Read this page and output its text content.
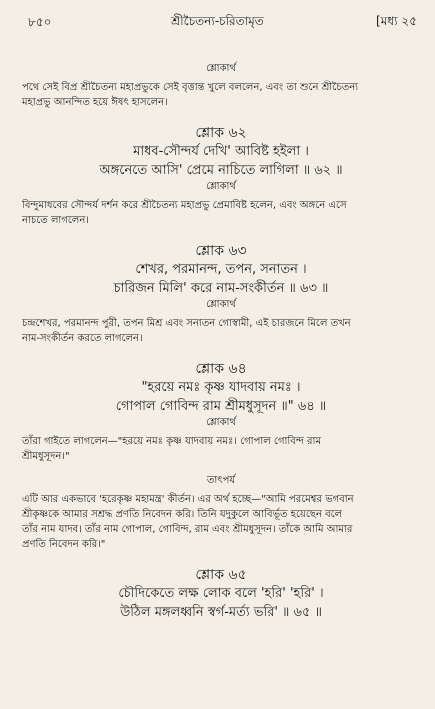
৮৫০	শ্রীচৈতন্য-চরিতামৃত	[মধ্য ২৫

শ্লোকার্থ

পথে সেই বিপ্র শ্রীচৈতন্য মহাপ্রভুকে সেই বৃত্তান্ত খুলে বললেন, এবং তা শুনে শ্রীচৈতন্য
মহাপ্রভু আনন্দিত হয়ে ঈষৎ হাসলেন।

শ্লোক ৬২

মাধব-সৌন্দর্য দেখি' আবিষ্ট হইলা ।
অঙ্গনেতে আসি' প্রেমে নাচিতে লাগিলা ॥ ৬২ ॥

শ্লোকার্থ

বিন্দুমাধবের সৌন্দর্য দর্শন করে শ্রীচৈতন্য মহাপ্রভু প্রেমাবিষ্ট হলেন, এবং অঙ্গনে এসে
নাচতে লাগলেন।

শ্লোক ৬৩

শেখর, পরমানন্দ, তপন, সনাতন ।
চারিজন মিলি' করে নাম-সংকীর্তন ॥ ৬৩ ॥

শ্লোকার্থ

চন্দ্রশেখর, পরমানন্দ পুরী, তপন মিশ্র এবং সনাতন গোস্বামী, এই চারজনে মিলে তখন
নাম-সংকীর্তন করতে লাগলেন।

শ্লোক ৬৪

"হরয়ে নমঃ কৃষ্ণ যাদবায় নমঃ ।
গোপাল গোবিন্দ রাম শ্রীমধুসূদন ॥" ৬৪ ॥

শ্লোকার্থ

তাঁরা গাইতে লাগলেন—"হরয়ে নমঃ কৃষ্ণ যাদবায় নমঃ। গোপাল গোবিন্দ রাম
শ্রীমধুসূদন।"

তাৎপর্য

এটি আর একভাবে 'হরেকৃষ্ণ মহামন্ত্র' কীর্তন। এর অর্থ হচ্ছে—"আমি পরমেশ্বর ভগবান
শ্রীকৃষ্ণকে আমার সশ্রদ্ধ প্রণতি নিবেদন করি। তিনি যদুকুলে আবির্ভূত হয়েছেন বলে
তাঁর নাম যাদব। তাঁর নাম গোপাল, গোবিন্দ, রাম এবং শ্রীমধুসূদন। তাঁকে আমি আমার
প্রণতি নিবেদন করি।"

শ্লোক ৬৫

চৌদিকেতে লক্ষ লোক বলে 'হরি' 'হরি' ।
উঠিল মঙ্গলধ্বনি স্বর্গ-মর্ত্য ভরি' ॥ ৬৫ ॥
